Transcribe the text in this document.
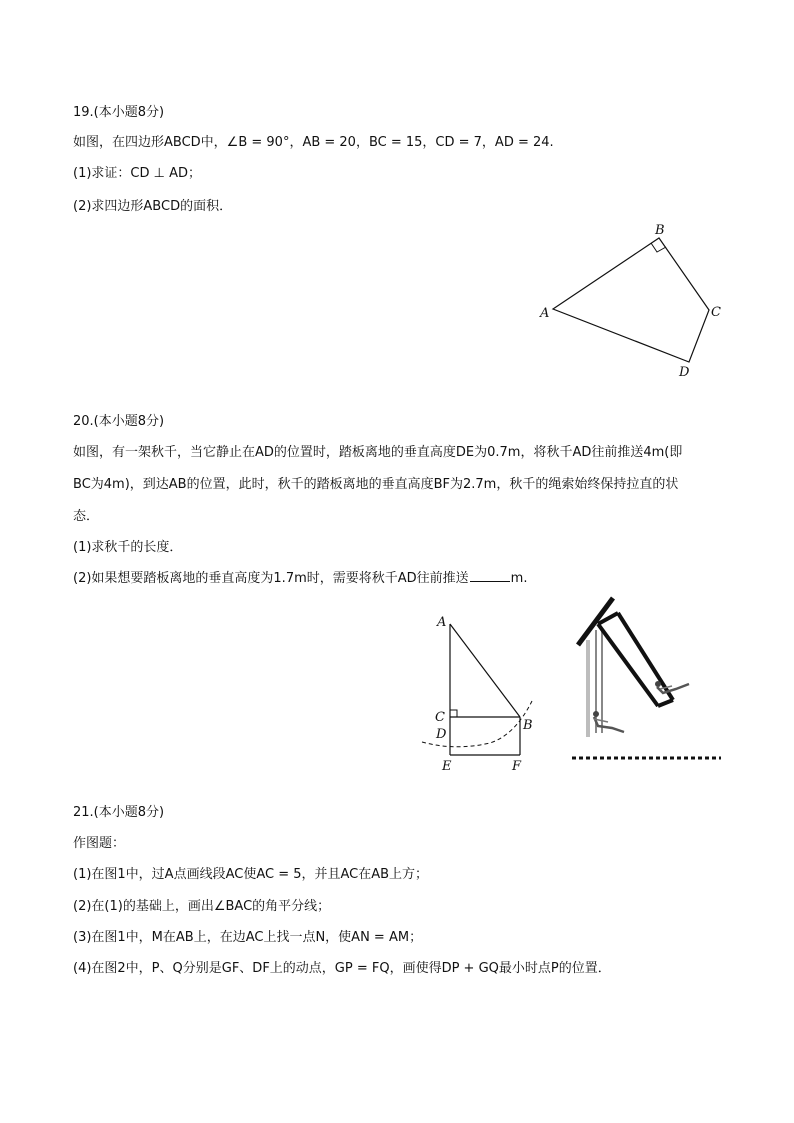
19.(本小题8分)
如图，在四边形ABCD中，∠B = 90°，AB = 20，BC = 15，CD = 7，AD = 24.
(1)求证：CD ⊥ AD；
(2)求四边形ABCD的面积．
B
A	C
D
20.(本小题8分)
如图，有一架秋千，当它静止在AD的位置时，踏板离地的垂直高度DE为0.7m，将秋千AD往前推送4m(即
BC为4m)，到达AB的位置，此时，秋千的踏板离地的垂直高度BF为2.7m，秋千的绳索始终保持拉直的状
态．
(1)求秋千的长度．
(2)如果想要踏板离地的垂直高度为1.7m时，需要将秋千AD往前推送	m.
A
C
B
D
E	F
21.(本小题8分)
作图题：
(1)在图1中，过A点画线段AC使AC = 5，并且AC在AB上方；
(2)在(1)的基础上，画出∠BAC的角平分线；
(3)在图1中，M在AB上，在边AC上找一点N，使AN = AM；
(4)在图2中，P、Q分别是GF、DF上的动点，GP = FQ，画使得DP + GQ最小时点P的位置．
